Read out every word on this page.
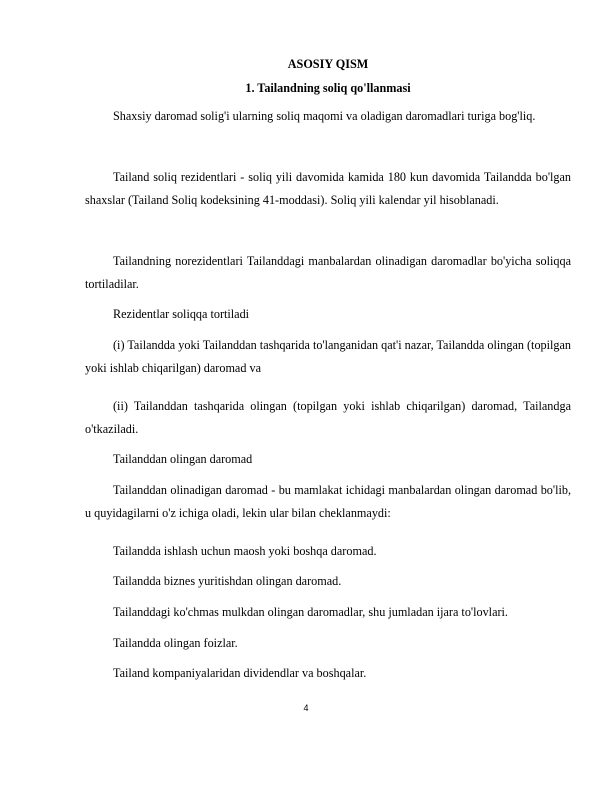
ASOSIY QISM
1. Tailandning soliq qo'llanmasi

Shaxsiy daromad solig'i ularning soliq maqomi va oladigan daromadlari turiga bog'liq.

Tailand soliq rezidentlari - soliq yili davomida kamida 180 kun davomida Tailandda bo'lgan shaxslar (Tailand Soliq kodeksining 41-moddasi). Soliq yili kalendar yil hisoblanadi.

Tailandning norezidentlari Tailanddagi manbalardan olinadigan daromadlar bo'yicha soliqqa tortiladilar.

Rezidentlar soliqqa tortiladi

(i) Tailandda yoki Tailanddan tashqarida to'langanidan qat'i nazar, Tailandda olingan (topilgan yoki ishlab chiqarilgan) daromad va

(ii) Tailanddan tashqarida olingan (topilgan yoki ishlab chiqarilgan) daromad, Tailandga o'tkaziladi.

Tailanddan olingan daromad

Tailanddan olinadigan daromad - bu mamlakat ichidagi manbalardan olingan daromad bo'lib, u quyidagilarni o'z ichiga oladi, lekin ular bilan cheklanmaydi:

Tailandda ishlash uchun maosh yoki boshqa daromad.

Tailandda biznes yuritishdan olingan daromad.

Tailanddagi ko'chmas mulkdan olingan daromadlar, shu jumladan ijara to'lovlari.

Tailandda olingan foizlar.

Tailand kompaniyalaridan dividendlar va boshqalar.

4
